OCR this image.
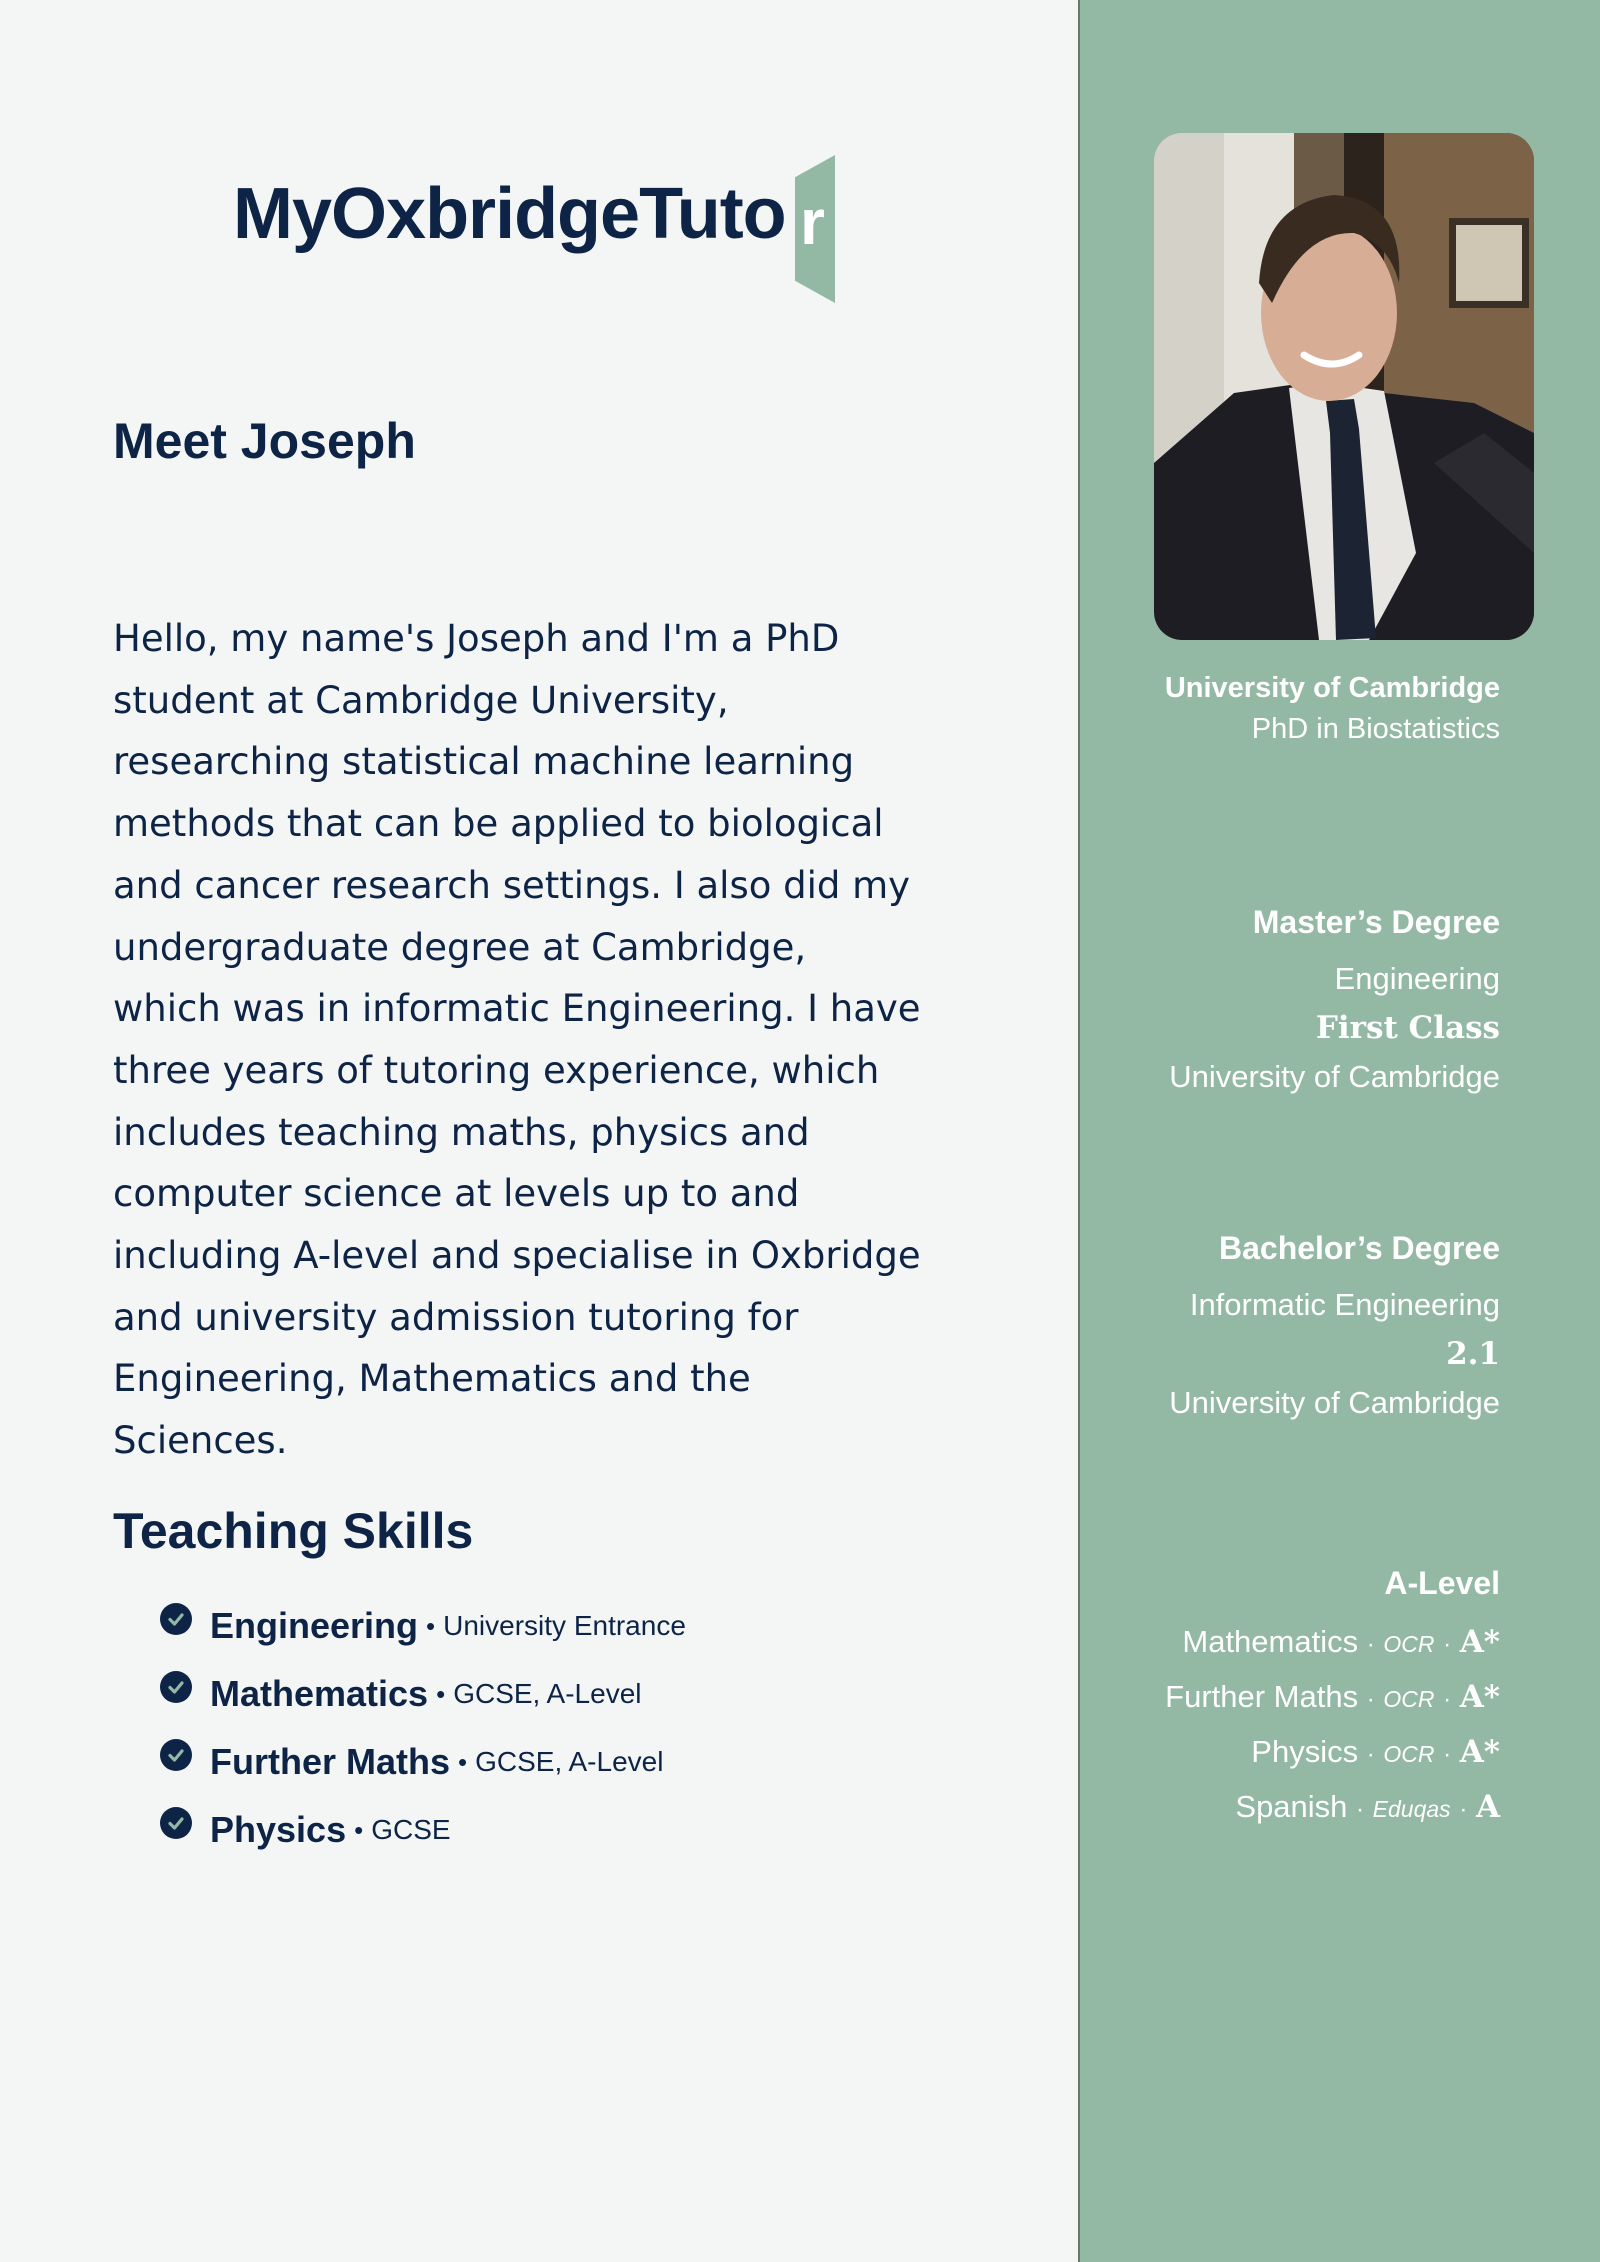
MyOxbridgeTuto r
Meet Joseph

Hello, my name's Joseph and I'm a PhD student at Cambridge University, researching statistical machine learning methods that can be applied to biological and cancer research settings. I also did my undergraduate degree at Cambridge, which was in informatic Engineering. I have three years of tutoring experience, which includes teaching maths, physics and computer science at levels up to and including A-level and specialise in Oxbridge and university admission tutoring for Engineering, Mathematics and the Sciences.

Teaching Skills
Engineering • University Entrance
Mathematics • GCSE, A-Level
Further Maths • GCSE, A-Level
Physics • GCSE
University of Cambridge
PhD in Biostatistics
Master’s Degree
Engineering
First Class
University of Cambridge
Bachelor’s Degree
Informatic Engineering
2.1
University of Cambridge
A-Level
Mathematics · OCR · A*
Further Maths · OCR · A*
Physics · OCR · A*
Spanish · Eduqas · A
